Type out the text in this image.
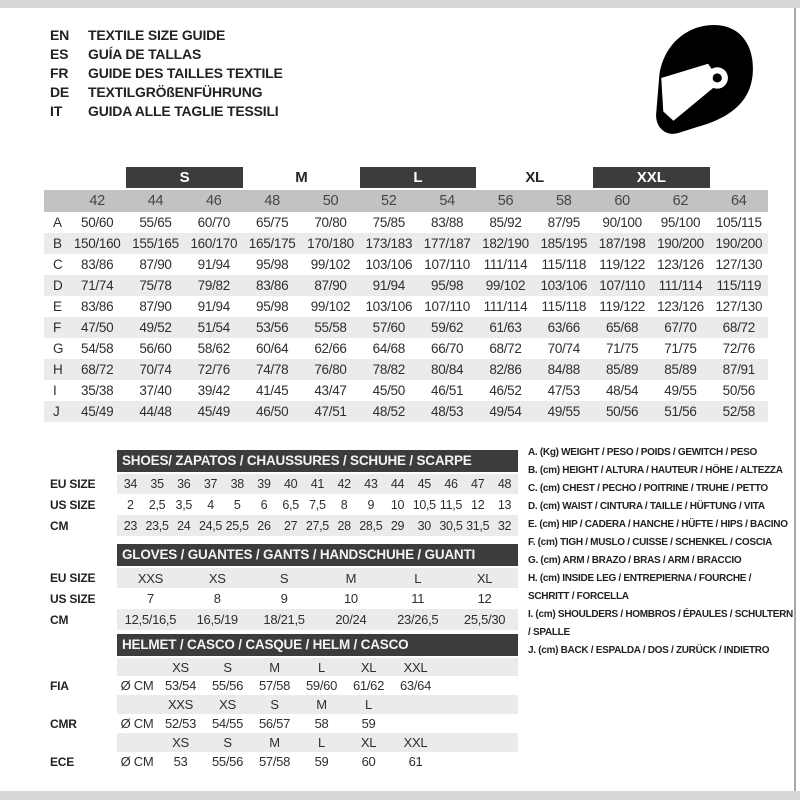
EN	TEXTILE SIZE GUIDE
ES	GUÍA DE TALLAS
FR	GUIDE DES TAILLES TEXTILE
DE	TEXTILGRÖßENFÜHRUNG
IT	GUIDA ALLE TAGLIE TESSILI

		S		M		L		XL		XXL		

	42	44	46	48	50	52	54	56	58	60	62	64
A	50/60	55/65	60/70	65/75	70/80	75/85	83/88	85/92	87/95	90/100	95/100	105/115
B	150/160	155/165	160/170	165/175	170/180	173/183	177/187	182/190	185/195	187/198	190/200	190/200
C	83/86	87/90	91/94	95/98	99/102	103/106	107/110	111/114	115/118	119/122	123/126	127/130
D	71/74	75/78	79/82	83/86	87/90	91/94	95/98	99/102	103/106	107/110	111/114	115/119
E	83/86	87/90	91/94	95/98	99/102	103/106	107/110	111/114	115/118	119/122	123/126	127/130
F	47/50	49/52	51/54	53/56	55/58	57/60	59/62	61/63	63/66	65/68	67/70	68/72
G	54/58	56/60	58/62	60/64	62/66	64/68	66/70	68/72	70/74	71/75	71/75	72/76
H	68/72	70/74	72/76	74/78	76/80	78/82	80/84	82/86	84/88	85/89	85/89	87/91
I	35/38	37/40	39/42	41/45	43/47	45/50	46/51	46/52	47/53	48/54	49/55	50/56
J	45/49	44/48	45/49	46/50	47/51	48/52	48/53	49/54	49/55	50/56	51/56	52/58

	SHOES/ ZAPATOS / CHAUSSURES / SCHUHE / SCARPE														

EU SIZE	34	35	36	37	38	39	40	41	42	43	44	45	46	47	48
US SIZE	2	2,5	3,5	4	5	6	6,5	7,5	8	9	10	10,5	11,5	12	13
CM	23	23,5	24	24,5	25,5	26	27	27,5	28	28,5	29	30	30,5	31,5	32

	GLOVES / GUANTES / GANTS / HANDSCHUHE / GUANTI					

EU SIZE	XXS	XS	S	M	L	XL
US SIZE	7	8	9	10	11	12
CM	12,5/16,5	16,5/19	18/21,5	20/24	23/26,5	25,5/30

	HELMET / CASCO / CASQUE / HELM / CASCO							

		XS	S	M	L	XL	XXL	
FIA	Ø CM	53/54	55/56	57/58	59/60	61/62	63/64	
		XXS	XS	S	M	L		
CMR	Ø CM	52/53	54/55	56/57	58	59		
		XS	S	M	L	XL	XXL	
ECE	Ø CM	53	55/56	57/58	59	60	61	
A. (Kg) WEIGHT / PESO / POIDS / GEWITCH / PESO
B. (cm) HEIGHT / ALTURA / HAUTEUR / HÖHE / ALTEZZA
C. (cm) CHEST / PECHO / POITRINE / TRUHE / PETTO
D. (cm) WAIST / CINTURA / TAILLE / HÜFTUNG / VITA
E. (cm) HIP / CADERA / HANCHE / HÜFTE / HIPS / BACINO
F. (cm) TIGH / MUSLO / CUISSE / SCHENKEL / COSCIA
G. (cm) ARM / BRAZO / BRAS / ARM / BRACCIO
H. (cm) INSIDE LEG / ENTREPIERNA / FOURCHE / SCHRITT / FORCELLA
I. (cm) SHOULDERS / HOMBROS / ÉPAULES / SCHULTERN / SPALLE
J. (cm) BACK / ESPALDA / DOS / ZURÜCK / INDIETRO
